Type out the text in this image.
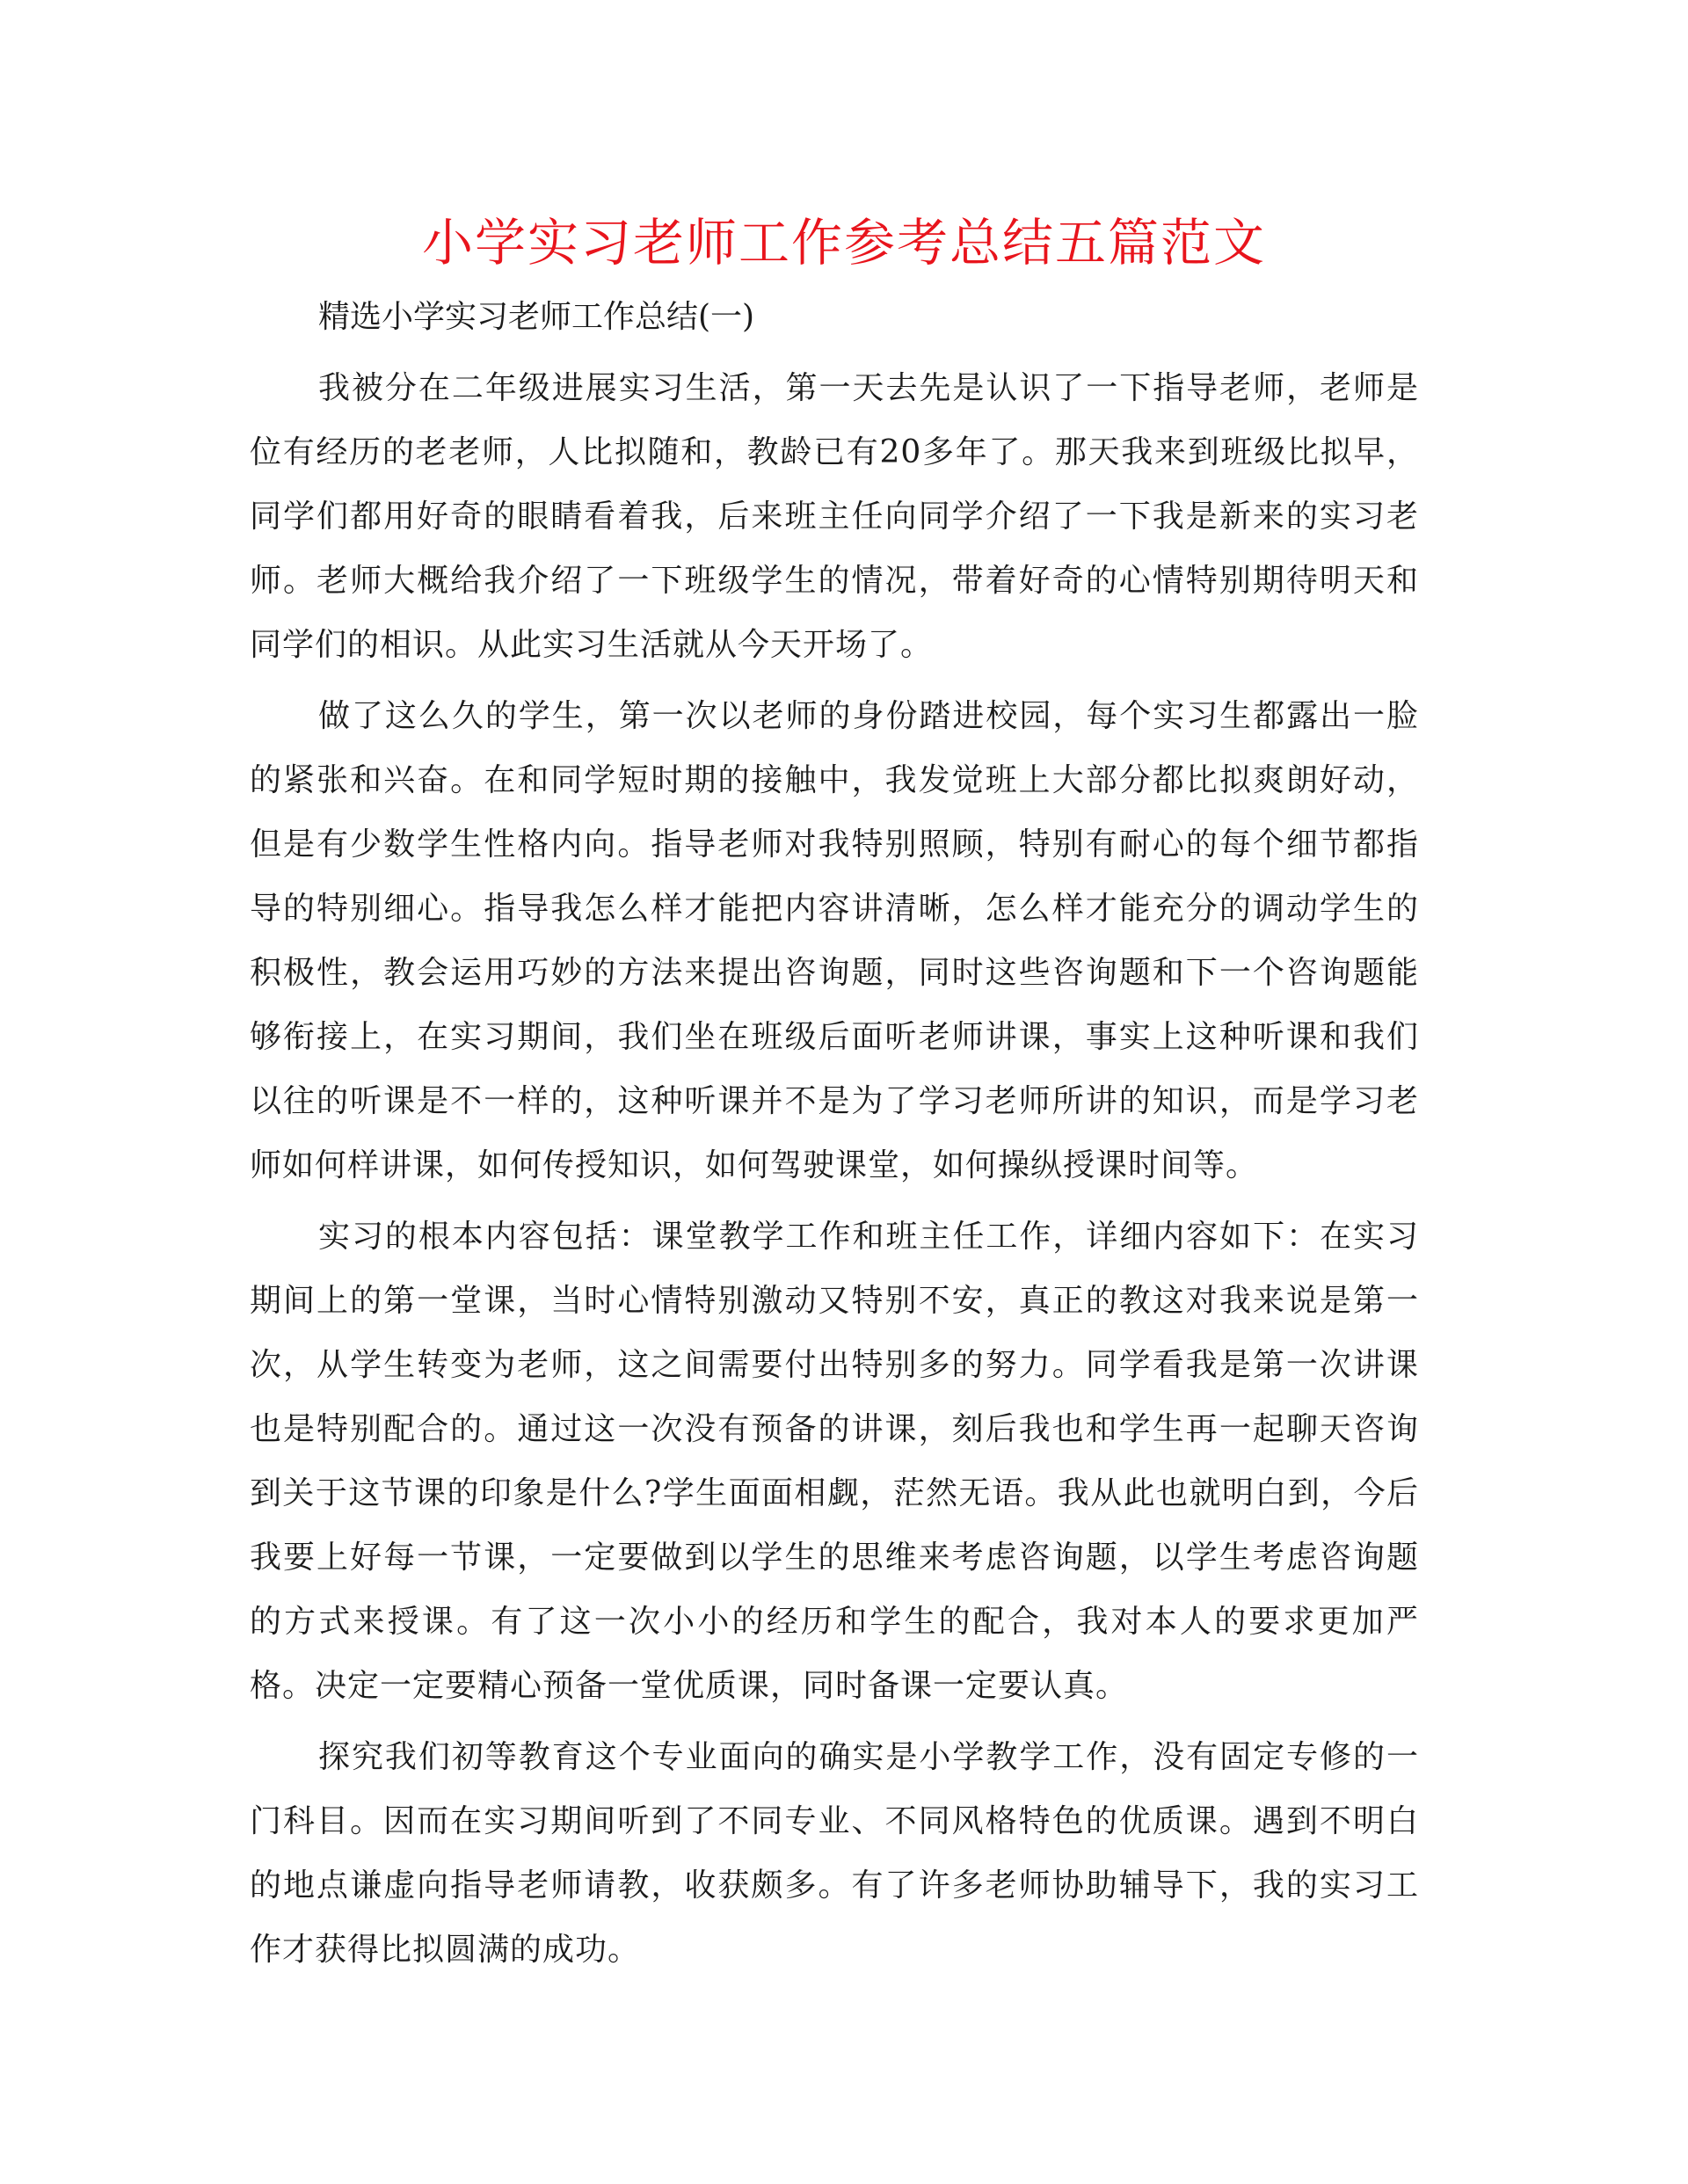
小学实习老师工作参考总结五篇范文

精选小学实习老师工作总结(一)

我被分在二年级进展实习生活，第一天去先是认识了一下指导老师，老师是位有经历的老老师，人比拟随和，教龄已有20多年了。那天我来到班级比拟早，同学们都用好奇的眼睛看着我，后来班主任向同学介绍了一下我是新来的实习老师。老师大概给我介绍了一下班级学生的情况，带着好奇的心情特别期待明天和同学们的相识。从此实习生活就从今天开场了。

做了这么久的学生，第一次以老师的身份踏进校园，每个实习生都露出一脸的紧张和兴奋。在和同学短时期的接触中，我发觉班上大部分都比拟爽朗好动，但是有少数学生性格内向。指导老师对我特别照顾，特别有耐心的每个细节都指导的特别细心。指导我怎么样才能把内容讲清晰，怎么样才能充分的调动学生的积极性，教会运用巧妙的方法来提出咨询题，同时这些咨询题和下一个咨询题能够衔接上，在实习期间，我们坐在班级后面听老师讲课，事实上这种听课和我们以往的听课是不一样的，这种听课并不是为了学习老师所讲的知识，而是学习老师如何样讲课，如何传授知识，如何驾驶课堂，如何操纵授课时间等。

实习的根本内容包括：课堂教学工作和班主任工作，详细内容如下：在实习期间上的第一堂课，当时心情特别激动又特别不安，真正的教这对我来说是第一次，从学生转变为老师，这之间需要付出特别多的努力。同学看我是第一次讲课也是特别配合的。通过这一次没有预备的讲课，刻后我也和学生再一起聊天咨询到关于这节课的印象是什么?学生面面相觑，茫然无语。我从此也就明白到，今后我要上好每一节课，一定要做到以学生的思维来考虑咨询题，以学生考虑咨询题的方式来授课。有了这一次小小的经历和学生的配合，我对本人的要求更加严格。决定一定要精心预备一堂优质课，同时备课一定要认真。

探究我们初等教育这个专业面向的确实是小学教学工作，没有固定专修的一门科目。因而在实习期间听到了不同专业、不同风格特色的优质课。遇到不明白的地点谦虚向指导老师请教，收获颇多。有了许多老师协助辅导下，我的实习工作才获得比拟圆满的成功。
